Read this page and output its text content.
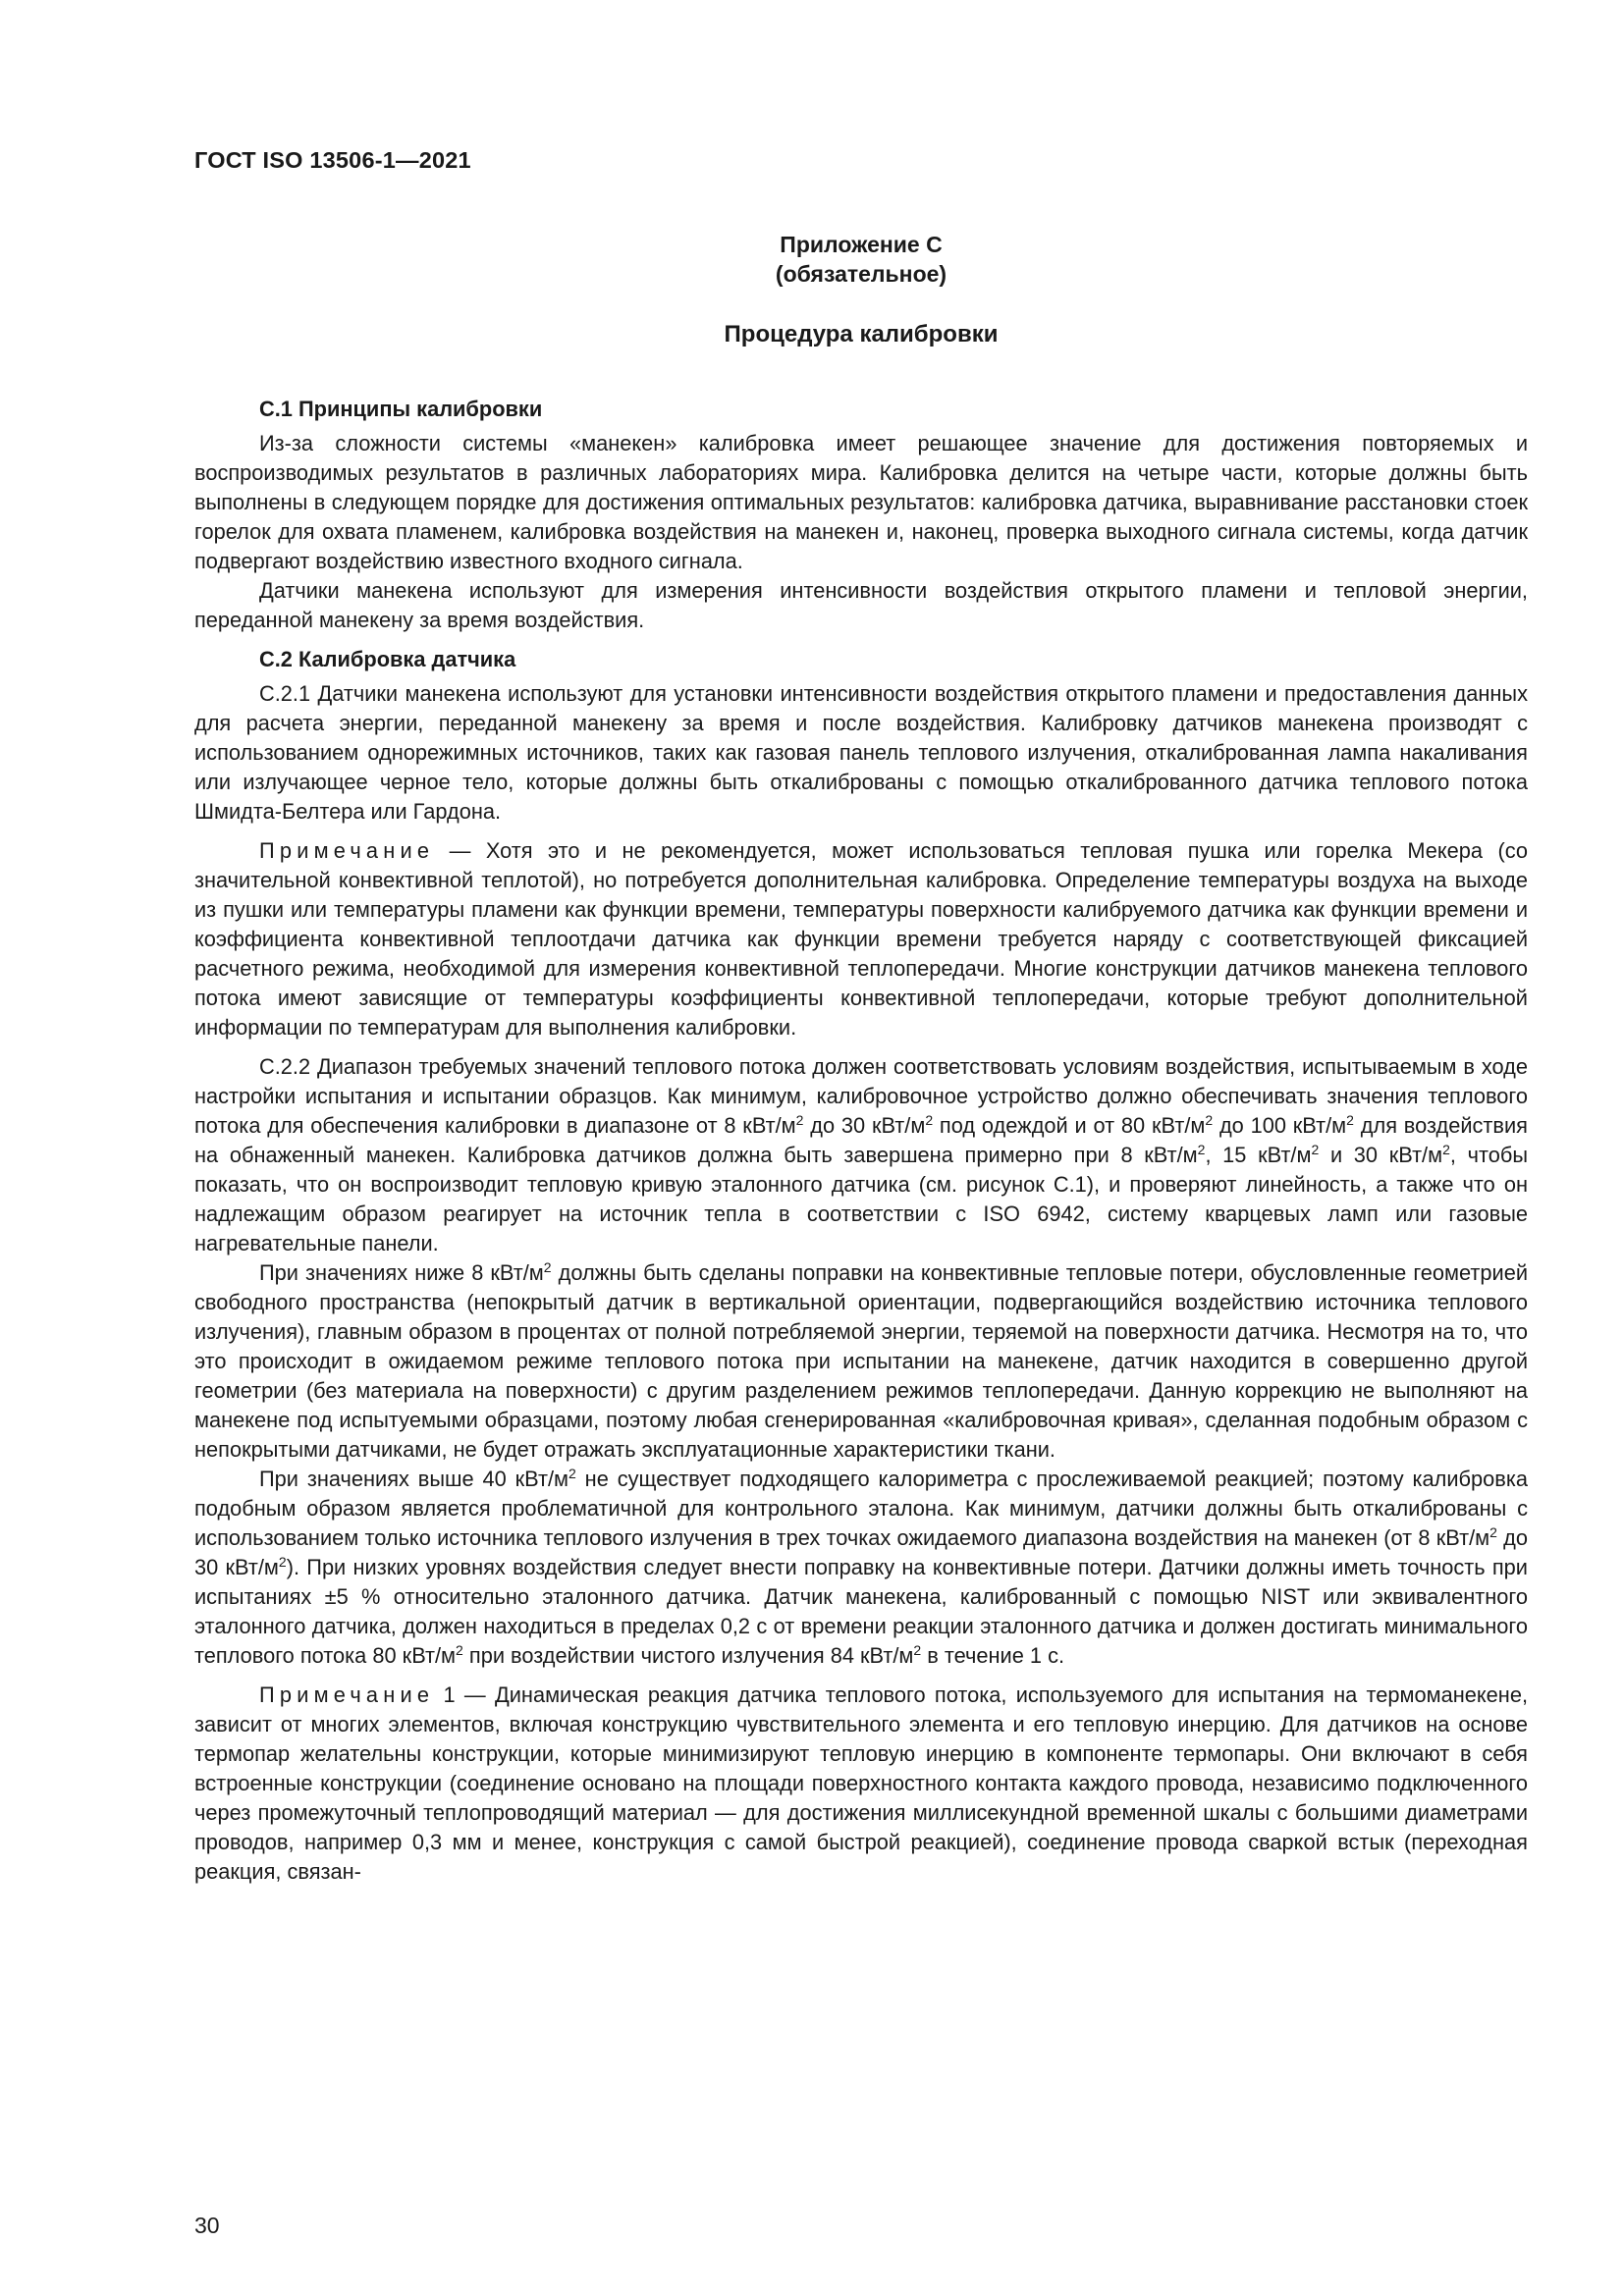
ГОСТ ISO 13506-1—2021
Приложение С
(обязательное)
Процедура калибровки
С.1 Принципы калибровки

Из-за сложности системы «манекен» калибровка имеет решающее значение для достижения повторяемых и воспроизводимых результатов в различных лабораториях мира. Калибровка делится на четыре части, которые должны быть выполнены в следующем порядке для достижения оптимальных результатов: калибровка датчика, выравнивание расстановки стоек горелок для охвата пламенем, калибровка воздействия на манекен и, наконец, проверка выходного сигнала системы, когда датчик подвергают воздействию известного входного сигнала.

Датчики манекена используют для измерения интенсивности воздействия открытого пламени и тепловой энергии, переданной манекену за время воздействия.

С.2 Калибровка датчика

С.2.1 Датчики манекена используют для установки интенсивности воздействия открытого пламени и предоставления данных для расчета энергии, переданной манекену за время и после воздействия. Калибровку датчиков манекена производят с использованием однорежимных источников, таких как газовая панель теплового излучения, откалиброванная лампа накаливания или излучающее черное тело, которые должны быть откалиброваны с помощью откалиброванного датчика теплового потока Шмидта-Белтера или Гардона.

Примечание — Хотя это и не рекомендуется, может использоваться тепловая пушка или горелка Мекера (со значительной конвективной теплотой), но потребуется дополнительная калибровка. Определение температуры воздуха на выходе из пушки или температуры пламени как функции времени, температуры поверхности калибруемого датчика как функции времени и коэффициента конвективной теплоотдачи датчика как функции времени требуется наряду с соответствующей фиксацией расчетного режима, необходимой для измерения конвективной теплопередачи. Многие конструкции датчиков манекена теплового потока имеют зависящие от температуры коэффициенты конвективной теплопередачи, которые требуют дополнительной информации по температурам для выполнения калибровки.

С.2.2 Диапазон требуемых значений теплового потока должен соответствовать условиям воздействия, испытываемым в ходе настройки испытания и испытании образцов. Как минимум, калибровочное устройство должно обеспечивать значения теплового потока для обеспечения калибровки в диапазоне от 8 кВт/$м^2$ до 30 кВт/$м^2$ под одеждой и от 80 кВт/$м^2$ до 100 кВт/$м^2$ для воздействия на обнаженный манекен. Калибровка датчиков должна быть завершена примерно при 8 кВт/$м^2$, 15 кВт/$м^2$ и 30 кВт/$м^2$, чтобы показать, что он воспроизводит тепловую кривую эталонного датчика (см. рисунок С.1), и проверяют линейность, а также что он надлежащим образом реагирует на источник тепла в соответствии с ISO 6942, систему кварцевых ламп или газовые нагревательные панели.

При значениях ниже 8 кВт/$м^2$ должны быть сделаны поправки на конвективные тепловые потери, обусловленные геометрией свободного пространства (непокрытый датчик в вертикальной ориентации, подвергающийся воздействию источника теплового излучения), главным образом в процентах от полной потребляемой энергии, теряемой на поверхности датчика. Несмотря на то, что это происходит в ожидаемом режиме теплового потока при испытании на манекене, датчик находится в совершенно другой геометрии (без материала на поверхности) с другим разделением режимов теплопередачи. Данную коррекцию не выполняют на манекене под испытуемыми образцами, поэтому любая сгенерированная «калибровочная кривая», сделанная подобным образом с непокрытыми датчиками, не будет отражать эксплуатационные характеристики ткани.

При значениях выше 40 кВт/$м^2$ не существует подходящего калориметра с прослеживаемой реакцией; поэтому калибровка подобным образом является проблематичной для контрольного эталона. Как минимум, датчики должны быть откалиброваны с использованием только источника теплового излучения в трех точках ожидаемого диапазона воздействия на манекен (от 8 кВт/$м^2$ до 30 кВт/$м^2$). При низких уровнях воздействия следует внести поправку на конвективные потери. Датчики должны иметь точность при испытаниях ±5 % относительно эталонного датчика. Датчик манекена, калиброванный с помощью NIST или эквивалентного эталонного датчика, должен находиться в пределах 0,2 с от времени реакции эталонного датчика и должен достигать минимального теплового потока 80 кВт/$м^2$ при воздействии чистого излучения 84 кВт/$м^2$ в течение 1 с.

Примечание 1 — Динамическая реакция датчика теплового потока, используемого для испытания на термоманекене, зависит от многих элементов, включая конструкцию чувствительного элемента и его тепловую инерцию. Для датчиков на основе термопар желательны конструкции, которые минимизируют тепловую инерцию в компоненте термопары. Они включают в себя встроенные конструкции (соединение основано на площади поверхностного контакта каждого провода, независимо подключенного через промежуточный теплопроводящий материал — для достижения миллисекундной временной шкалы с большими диаметрами проводов, например 0,3 мм и менее, конструкция с самой быстрой реакцией), соединение провода сваркой встык (переходная реакция, связан-

30
